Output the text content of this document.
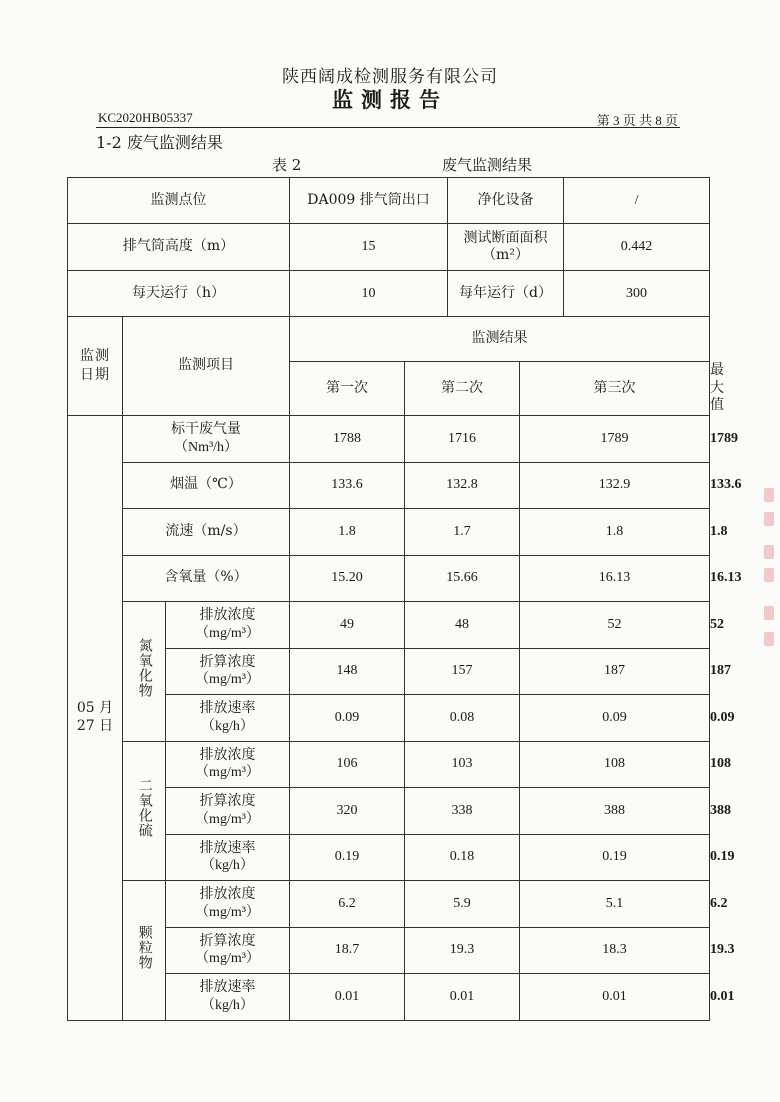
陕西阔成检测服务有限公司
监测报告
KC2020HB05337	第 3 页 共 8 页
1-2 废气监测结果
表 2	废气监测结果
监测点位			DA009 排气筒出口		净化设备		/	
排气筒高度（m）			15		测试断面面积（m²）		0.442	
每天运行（h）			10		每年运行（d）		300	

监测日期	监测项目		监测结果					
			第一次	第二次		第三次		最大值

05 月
27 日	标干废气量
（Nm³/h）		1788	1716		1789		1789
	烟温（℃）		133.6	132.8		132.9		133.6
	流速（m/s）		1.8	1.7		1.8		1.8
	含氧量（%）		15.20	15.66		16.13		16.13
	氮氧化物	排放浓度
（mg/m³）	49	48		52		52

		折算浓度
（mg/m³）	148	157		187		187

		排放速率
（kg/h）	0.09	0.08		0.09		0.09
	二氧化硫	排放浓度
（mg/m³）	106	103		108		108

		折算浓度
（mg/m³）	320	338		388		388

		排放速率
（kg/h）	0.19	0.18		0.19		0.19
	颗粒物	排放浓度
（mg/m³）	6.2	5.9		5.1		6.2

		折算浓度
（mg/m³）	18.7	19.3		18.3		19.3

		排放速率
（kg/h）	0.01	0.01		0.01		0.01
